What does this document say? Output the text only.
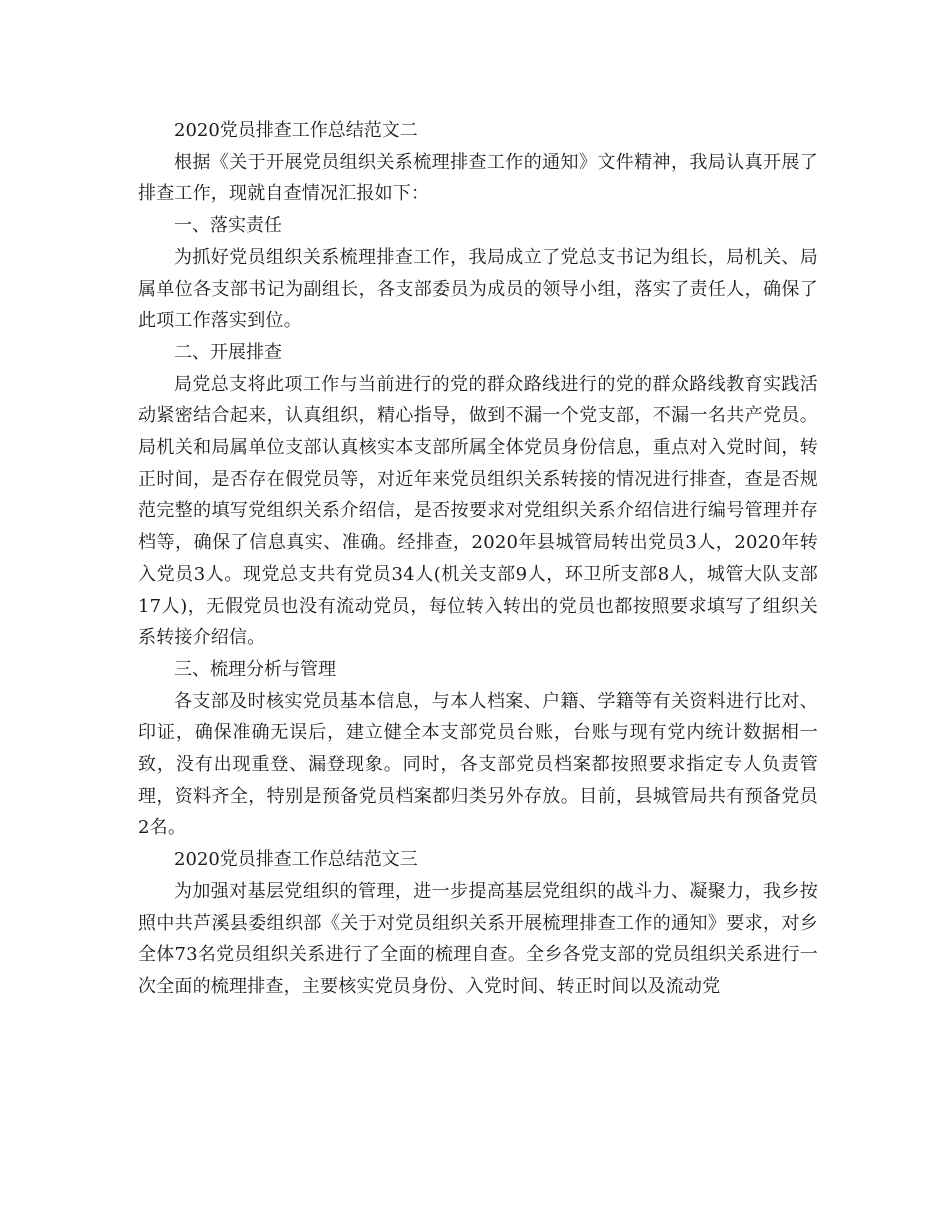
2020党员排查工作总结范文二

根据《关于开展党员组织关系梳理排查工作的通知》文件精神，我局认真开展了排查工作，现就自查情况汇报如下：

一、落实责任

为抓好党员组织关系梳理排查工作，我局成立了党总支书记为组长，局机关、局属单位各支部书记为副组长，各支部委员为成员的领导小组，落实了责任人，确保了此项工作落实到位。

二、开展排查

局党总支将此项工作与当前进行的党的群众路线进行的党的群众路线教育实践活动紧密结合起来，认真组织，精心指导，做到不漏一个党支部，不漏一名共产党员。局机关和局属单位支部认真核实本支部所属全体党员身份信息，重点对入党时间，转正时间，是否存在假党员等，对近年来党员组织关系转接的情况进行排查，查是否规范完整的填写党组织关系介绍信，是否按要求对党组织关系介绍信进行编号管理并存档等，确保了信息真实、准确。经排查，2020年县城管局转出党员3人，2020年转入党员3人。现党总支共有党员34人(机关支部9人，环卫所支部8人，城管大队支部17人)，无假党员也没有流动党员，每位转入转出的党员也都按照要求填写了组织关系转接介绍信。

三、梳理分析与管理

各支部及时核实党员基本信息，与本人档案、户籍、学籍等有关资料进行比对、印证，确保准确无误后，建立健全本支部党员台账，台账与现有党内统计数据相一致，没有出现重登、漏登现象。同时，各支部党员档案都按照要求指定专人负责管理，资料齐全，特别是预备党员档案都归类另外存放。目前，县城管局共有预备党员2名。

2020党员排查工作总结范文三

为加强对基层党组织的管理，进一步提高基层党组织的战斗力、凝聚力，我乡按照中共芦溪县委组织部《关于对党员组织关系开展梳理排查工作的通知》要求，对乡全体73名党员组织关系进行了全面的梳理自查。全乡各党支部的党员组织关系进行一次全面的梳理排查，主要核实党员身份、入党时间、转正时间以及流动党
